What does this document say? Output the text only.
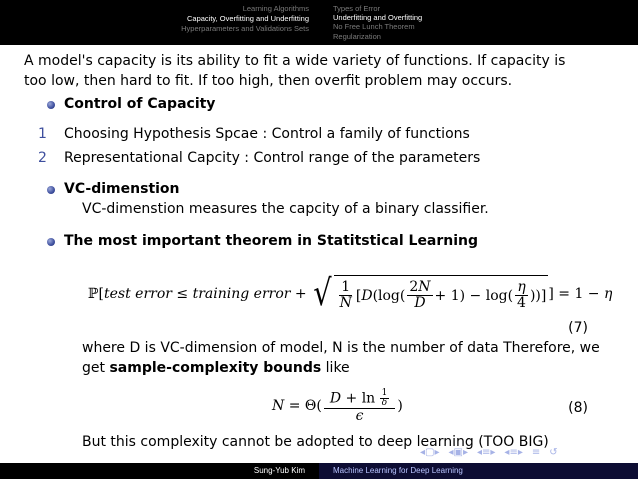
Learning Algorithms
Capacity, Overfitting and Underfitting
Hyperparameters and Validations Sets
Types of Error
Underfitting and Overfitting
No Free Lunch Theorem
Regularization
A model's capacity is its ability to fit a wide variety of functions. If capacity is
too low, then hard to fit. If too high, then overfit problem may occurs.
Control of Capacity
1 Choosing Hypothesis Spcae : Control a family of functions
2 Representational Capcity : Control range of the parameters
VC-dimenstion
VC-dimenstion measures the capcity of a binary classifier.
The most important theorem in Statitstical Learning
ℙ[test error ≤ training error + √ $\frac{1}{N} [D(\log( \frac{2N}{D} + 1) - \log( \frac{\eta}{4}$ ))] ] = 1 − η
(7)
where D is VC-dimension of model, N is the number of data Therefore, we
get sample-complexity bounds like
$N = \Theta( \frac{D + \ln \frac{1}{\delta}}{\epsilon}$ )	(8)
But this complexity cannot be adopted to deep learning (TOO BIG)
◂▢▸ ◂▣▸ ◂≡▸ ◂≡▸ ≡ ↺
Sung-Yub Kim	Machine Learning for Deep Learning
